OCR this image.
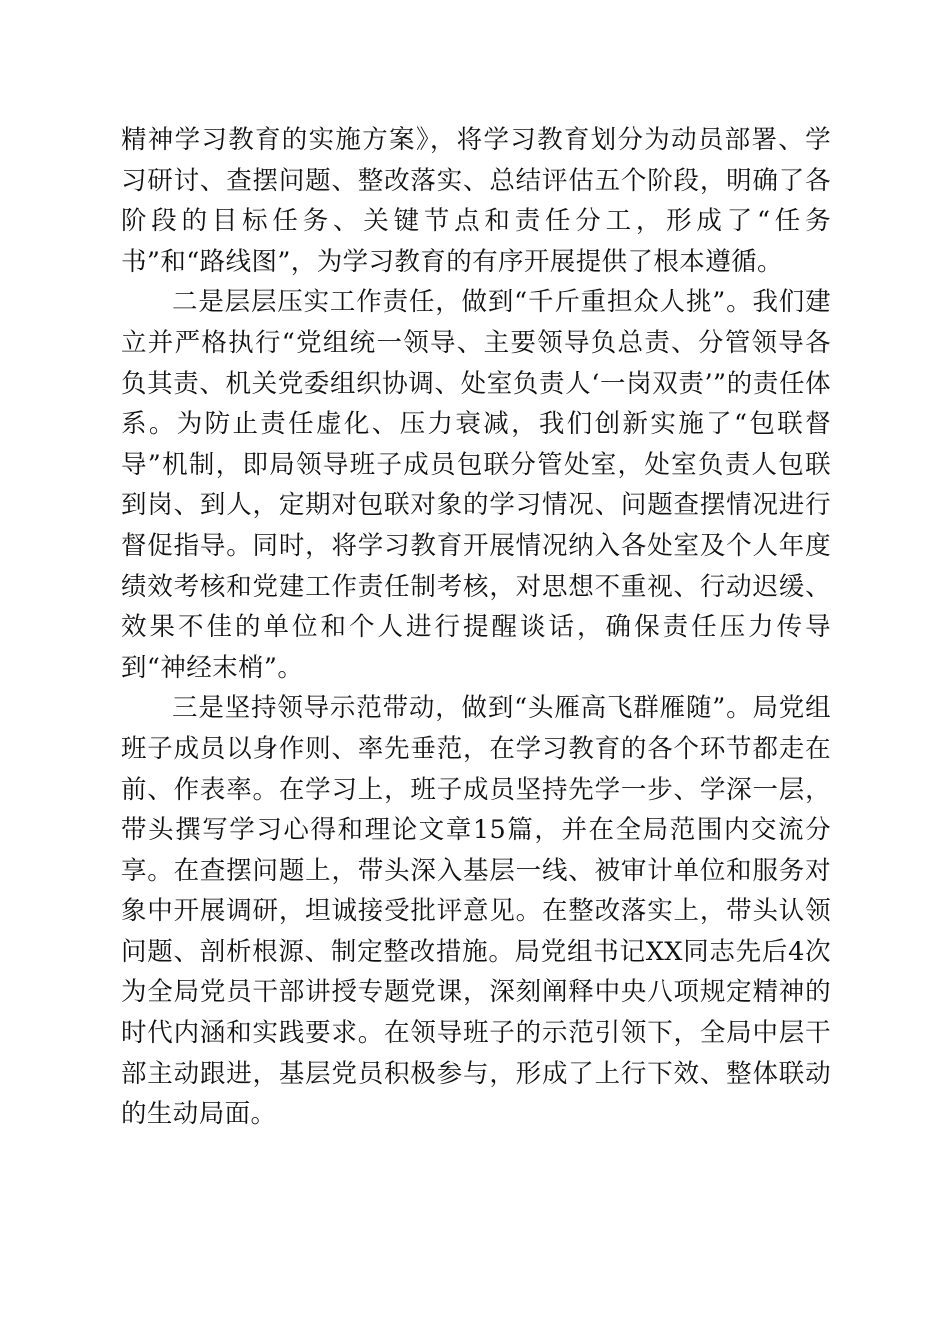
精神学习教育的实施方案》，将学习教育划分为动员部署、学习研讨、查摆问题、整改落实、总结评估五个阶段，明确了各阶段的目标任务、关键节点和责任分工，形成了“任务书”和“路线图”，为学习教育的有序开展提供了根本遵循。

二是层层压实工作责任，做到“千斤重担众人挑”。我们建立并严格执行“党组统一领导、主要领导负总责、分管领导各负其责、机关党委组织协调、处室负责人‘一岗双责’”的责任体系。为防止责任虚化、压力衰减，我们创新实施了“包联督导”机制，即局领导班子成员包联分管处室，处室负责人包联到岗、到人，定期对包联对象的学习情况、问题查摆情况进行督促指导。同时，将学习教育开展情况纳入各处室及个人年度绩效考核和党建工作责任制考核，对思想不重视、行动迟缓、效果不佳的单位和个人进行提醒谈话，确保责任压力传导到“神经末梢”。

三是坚持领导示范带动，做到“头雁高飞群雁随”。局党组班子成员以身作则、率先垂范，在学习教育的各个环节都走在前、作表率。在学习上，班子成员坚持先学一步、学深一层，带头撰写学习心得和理论文章15篇，并在全局范围内交流分享。在查摆问题上，带头深入基层一线、被审计单位和服务对象中开展调研，坦诚接受批评意见。在整改落实上，带头认领问题、剖析根源、制定整改措施。局党组书记XX同志先后4次为全局党员干部讲授专题党课，深刻阐释中央八项规定精神的时代内涵和实践要求。在领导班子的示范引领下，全局中层干部主动跟进，基层党员积极参与，形成了上行下效、整体联动的生动局面。
